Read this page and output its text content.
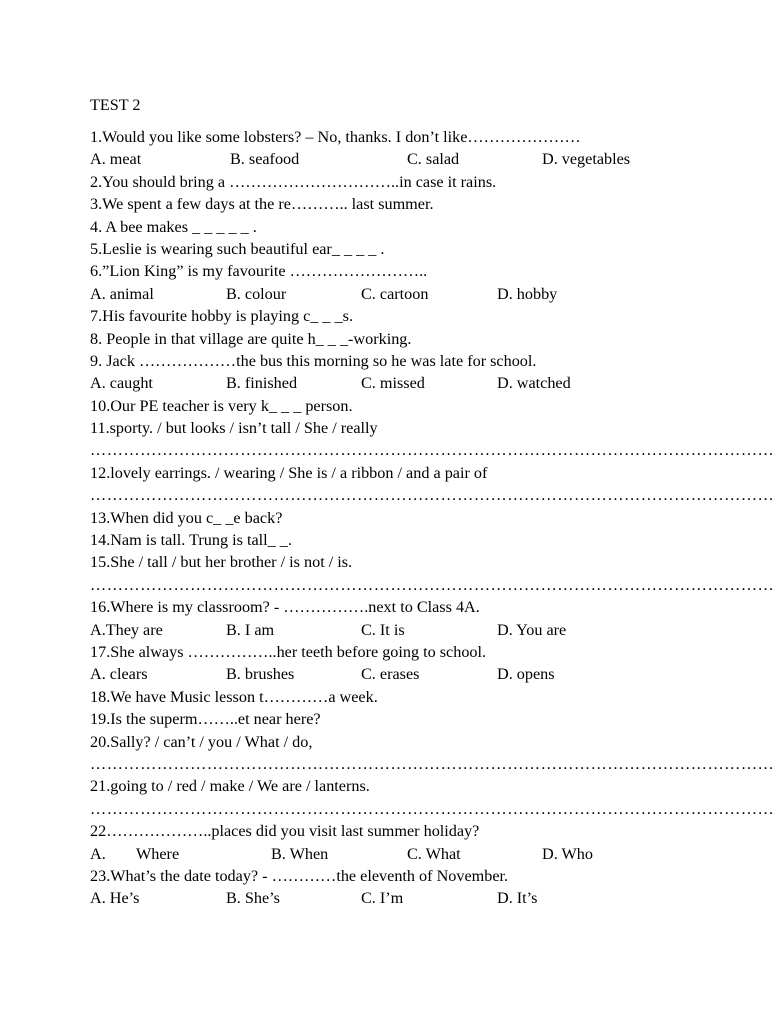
TEST 2
1.Would you like some lobsters? – No, thanks. I don’t like…………………
A. meat	B. seafood	C. salad	D. vegetables
2.You should bring a …………………………..in case it rains.
3.We spent a few days at the re……….. last summer.
4. A bee makes _ _ _ _ _ .
5.Leslie is wearing such beautiful ear_ _ _ _ .
6.”Lion King” is my favourite ……………………..
A. animal	B. colour	C. cartoon	D. hobby
7.His favourite hobby is playing c_ _ _s.
8. People in that village are quite h_ _ _-working.
9. Jack ………………the bus this morning so he was late for school.
A. caught	B. finished	C. missed	D. watched
10.Our PE teacher is very k_ _ _ person.
11.sporty. / but looks / isn’t tall / She / really
……………………………………………………………………………………………………………
12.lovely earrings. / wearing / She is / a ribbon / and a pair of
……………………………………………………………………………………………………………
13.When did you c_ _e back?
14.Nam is tall. Trung is tall_ _.
15.She / tall / but her brother / is not / is.
……………………………………………………………………………………………………………
16.Where is my classroom? - …………….next to Class 4A.
A.They are	B. I am	C. It is	D. You are
17.She always ……………..her teeth before going to school.
A. clears	B. brushes	C. erases	D. opens
18.We have Music lesson t…………a week.
19.Is the superm……..et near here?
20.Sally? / can’t / you / What / do,
……………………………………………………………………………………………………………
21.going to / red / make / We are / lanterns.
……………………………………………………………………………………………………………
22………………..places did you visit last summer holiday?
A. Where	B. When	C. What	D. Who
23.What’s the date today? - …………the eleventh of November.
A. He’s	B. She’s	C. I’m	D. It’s
